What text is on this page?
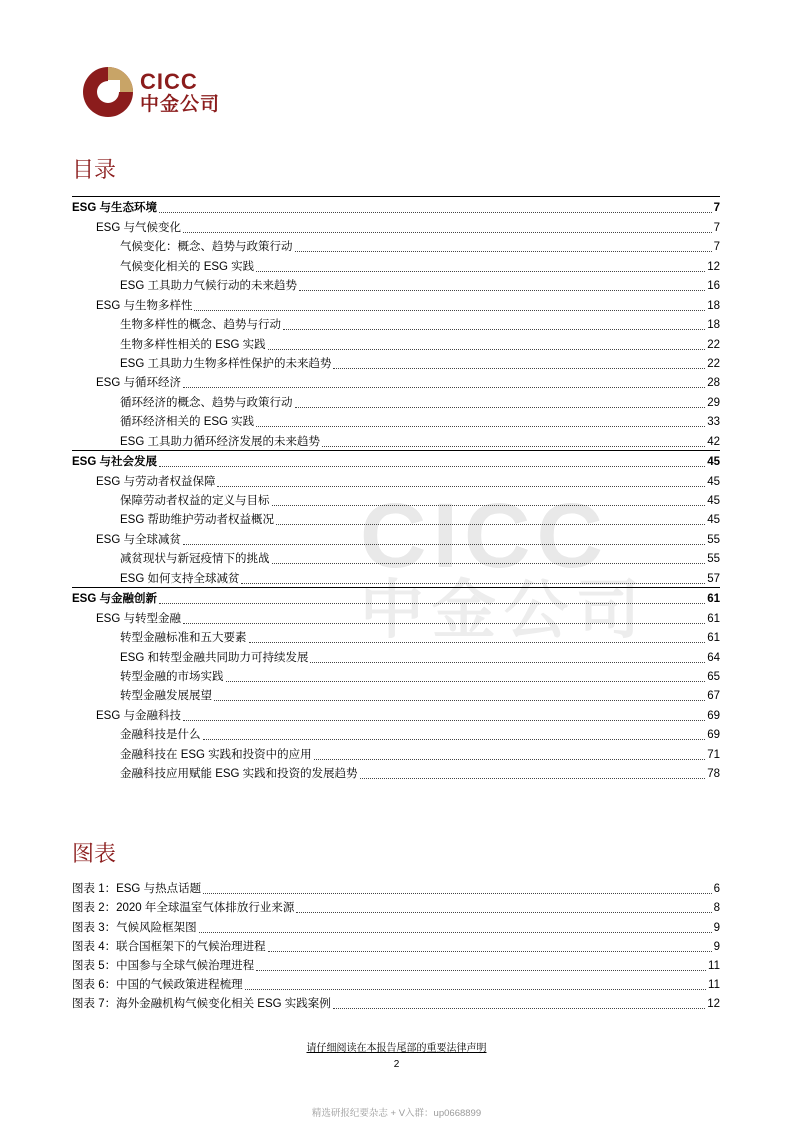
CICC
中金公司
CICC
中金公司
目录
ESG 与生态环境	7
ESG 与气候变化	7
气候变化：概念、趋势与政策行动	7
气候变化相关的 ESG 实践	12
ESG 工具助力气候行动的未来趋势	16
ESG 与生物多样性	18
生物多样性的概念、趋势与行动	18
生物多样性相关的 ESG 实践	22
ESG 工具助力生物多样性保护的未来趋势	22
ESG 与循环经济	28
循环经济的概念、趋势与政策行动	29
循环经济相关的 ESG 实践	33
ESG 工具助力循环经济发展的未来趋势	42
ESG 与社会发展	45
ESG 与劳动者权益保障	45
保障劳动者权益的定义与目标	45
ESG 帮助维护劳动者权益概况	45
ESG 与全球减贫	55
减贫现状与新冠疫情下的挑战	55
ESG 如何支持全球减贫	57
ESG 与金融创新	61
ESG 与转型金融	61
转型金融标准和五大要素	61
ESG 和转型金融共同助力可持续发展	64
转型金融的市场实践	65
转型金融发展展望	67
ESG 与金融科技	69
金融科技是什么	69
金融科技在 ESG 实践和投资中的应用	71
金融科技应用赋能 ESG 实践和投资的发展趋势	78
图表
图表 1：ESG 与热点话题	6
图表 2：2020 年全球温室气体排放行业来源	8
图表 3：气候风险框架图	9
图表 4：联合国框架下的气候治理进程	9
图表 5：中国参与全球气候治理进程	11
图表 6：中国的气候政策进程梳理	11
图表 7：海外金融机构气候变化相关 ESG 实践案例	12
请仔细阅读在本报告尾部的重要法律声明
2
精选研报纪要杂志 + V入群：up0668899
